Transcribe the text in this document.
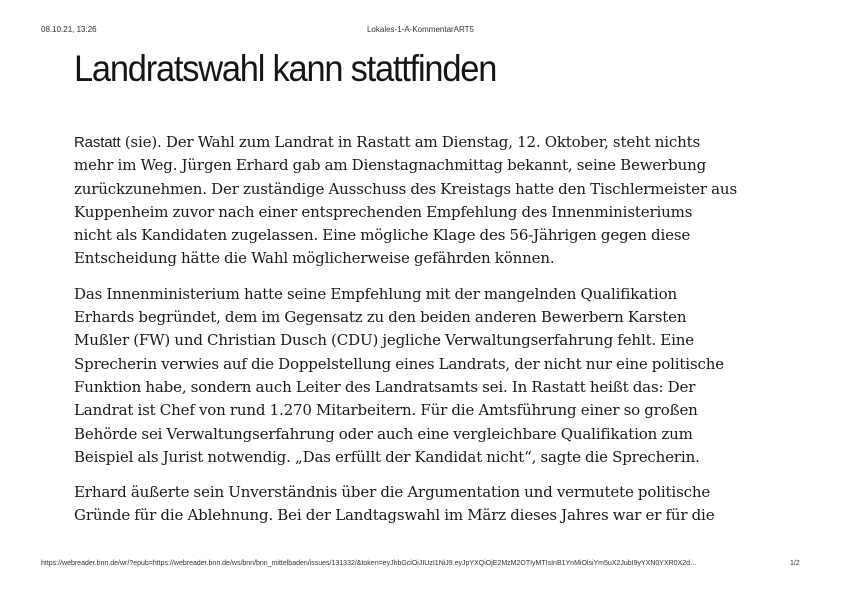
08.10.21, 13:26	Lokales-1-A-KommentarART5
Landratswahl kann stattfinden

Rastatt (sie). Der Wahl zum Landrat in Rastatt am Dienstag, 12. Oktober, steht nichts
mehr im Weg. Jürgen Erhard gab am Dienstagnachmittag bekannt, seine Bewerbung
zurückzunehmen. Der zuständige Ausschuss des Kreistags hatte den Tischlermeister aus
Kuppenheim zuvor nach einer entsprechenden Empfehlung des Innenministeriums
nicht als Kandidaten zugelassen. Eine mögliche Klage des 56-Jährigen gegen diese
Entscheidung hätte die Wahl möglicherweise gefährden können.

Das Innenministerium hatte seine Empfehlung mit der mangelnden Qualifikation
Erhards begründet, dem im Gegensatz zu den beiden anderen Bewerbern Karsten
Mußler (FW) und Christian Dusch (CDU) jegliche Verwaltungserfahrung fehlt. Eine
Sprecherin verwies auf die Doppelstellung eines Landrats, der nicht nur eine politische
Funktion habe, sondern auch Leiter des Landratsamts sei. In Rastatt heißt das: Der
Landrat ist Chef von rund 1.270 Mitarbeitern. Für die Amtsführung einer so großen
Behörde sei Verwaltungserfahrung oder auch eine vergleichbare Qualifikation zum
Beispiel als Jurist notwendig. „Das erfüllt der Kandidat nicht“, sagte die Sprecherin.

Erhard äußerte sein Unverständnis über die Argumentation und vermutete politische
Gründe für die Ablehnung. Bei der Landtagswahl im März dieses Jahres war er für die

https://webreader.bnn.de/wr/?epub=https://webreader.bnn.de/ws/bnn/bnn_mittelbaden/issues/131332/&token=eyJhbGciOiJIUzI1NiJ9.eyJpYXQiOjE2MzM2OTIyMTIsInB1YnMiOlsiYm5uX2JubI9yYXN0YXR0X2d…	1/2
